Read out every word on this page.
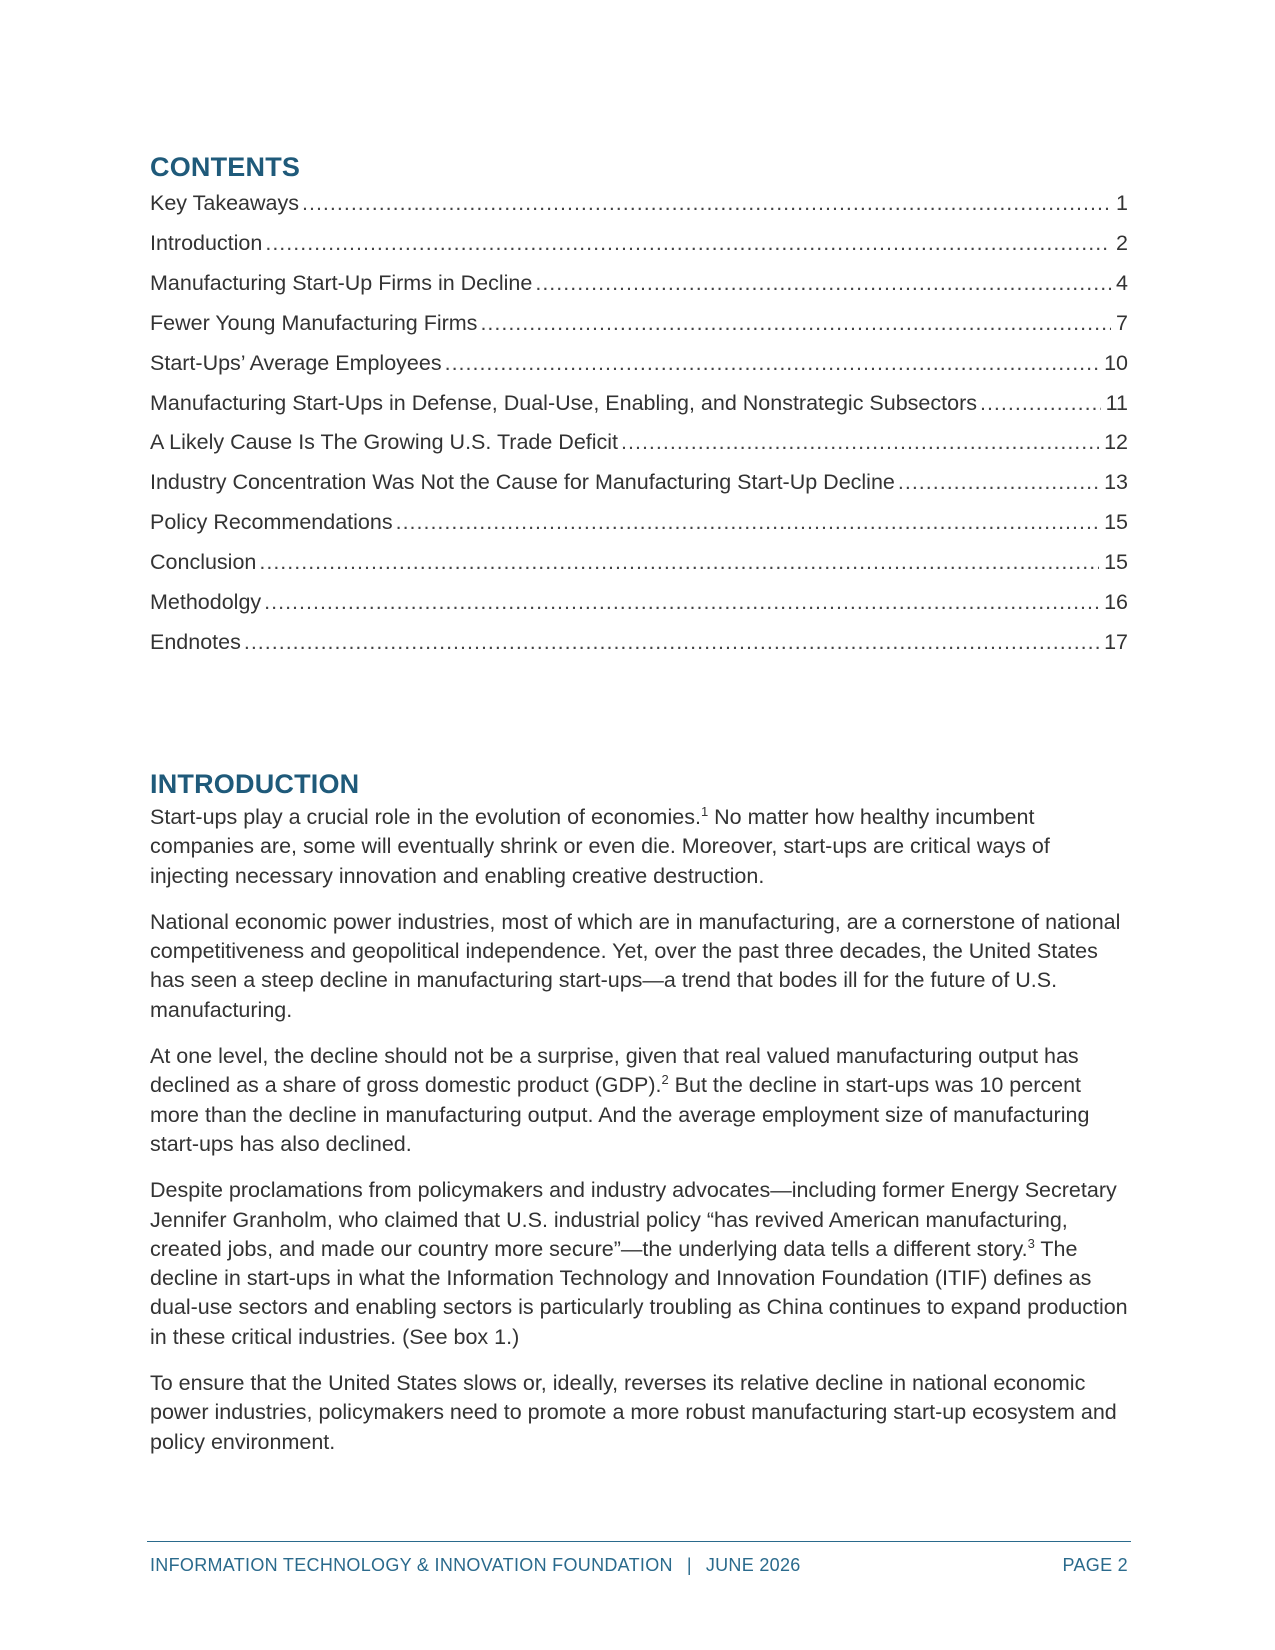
CONTENTS
Key Takeaways .....	1
Introduction .....	2
Manufacturing Start-Up Firms in Decline .....	4
Fewer Young Manufacturing Firms .....	7
Start-Ups’ Average Employees .....	10
Manufacturing Start-Ups in Defense, Dual-Use, Enabling, and Nonstrategic Subsectors .....	11
A Likely Cause Is The Growing U.S. Trade Deficit .....	12
Industry Concentration Was Not the Cause for Manufacturing Start-Up Decline .....	13
Policy Recommendations .....	15
Conclusion .....	15
Methodolgy .....	16
Endnotes .....	17
INTRODUCTION

Start-ups play a crucial role in the evolution of economies.$^1$ No matter how healthy incumbent companies are, some will eventually shrink or even die. Moreover, start-ups are critical ways of injecting necessary innovation and enabling creative destruction.

National economic power industries, most of which are in manufacturing, are a cornerstone of national competitiveness and geopolitical independence. Yet, over the past three decades, the United States has seen a steep decline in manufacturing start-ups—a trend that bodes ill for the future of U.S. manufacturing.

At one level, the decline should not be a surprise, given that real valued manufacturing output has declined as a share of gross domestic product (GDP).$^2$ But the decline in start-ups was 10 percent more than the decline in manufacturing output. And the average employment size of manufacturing start-ups has also declined.

Despite proclamations from policymakers and industry advocates—including former Energy Secretary Jennifer Granholm, who claimed that U.S. industrial policy “has revived American manufacturing, created jobs, and made our country more secure”—the underlying data tells a different story.$^3$ The decline in start-ups in what the Information Technology and Innovation Foundation (ITIF) defines as dual-use sectors and enabling sectors is particularly troubling as China continues to expand production in these critical industries. (See box 1.)

To ensure that the United States slows or, ideally, reverses its relative decline in national economic power industries, policymakers need to promote a more robust manufacturing start-up ecosystem and policy environment.

INFORMATION TECHNOLOGY & INNOVATION FOUNDATION | JUNE 2026	PAGE 2
